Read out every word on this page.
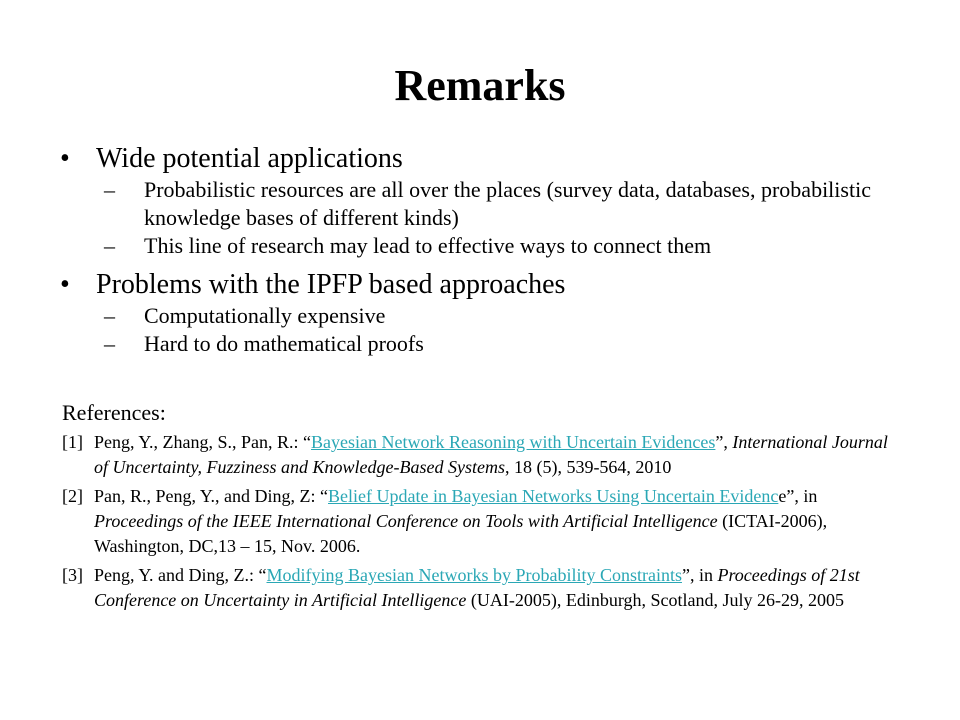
Remarks
• Wide potential applications
–	Probabilistic resources are all over the places (survey data, databases, probabilistic knowledge bases of different kinds)
–	This line of research may lead to effective ways to connect them
• Problems with the IPFP based approaches
–	Computationally expensive
–	Hard to do mathematical proofs
References:
[1] Peng, Y., Zhang, S., Pan, R.: “Bayesian Network Reasoning with Uncertain Evidences”, International Journal of Uncertainty, Fuzziness and Knowledge-Based Systems, 18 (5), 539-564, 2010
[2] Pan, R., Peng, Y., and Ding, Z: “Belief Update in Bayesian Networks Using Uncertain Evidence”, in Proceedings of the IEEE International Conference on Tools with Artificial Intelligence (ICTAI-2006), Washington, DC,13 – 15, Nov. 2006.
[3] Peng, Y. and Ding, Z.: “Modifying Bayesian Networks by Probability Constraints”, in Proceedings of 21st Conference on Uncertainty in Artificial Intelligence (UAI-2005), Edinburgh, Scotland, July 26-29, 2005
